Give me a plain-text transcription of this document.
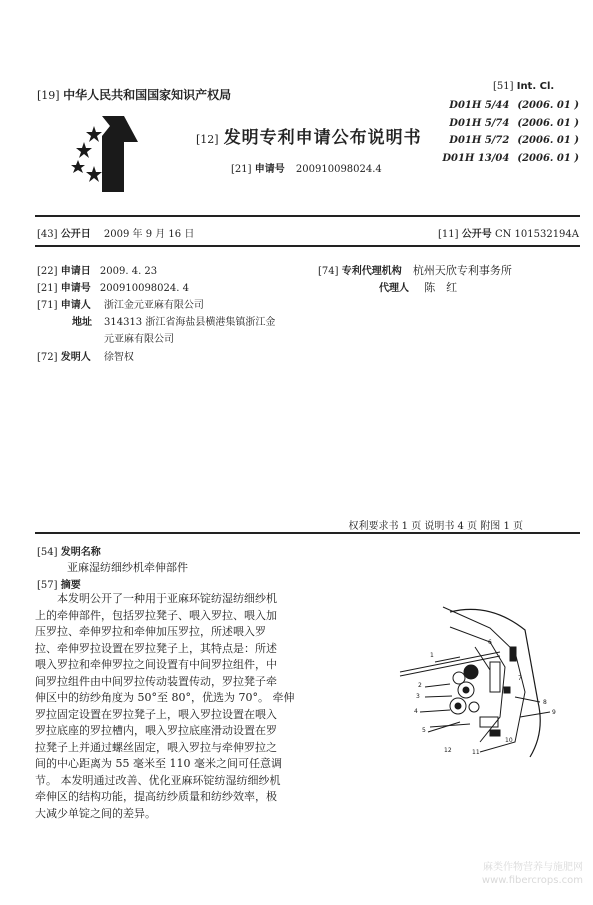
[19] 中华人民共和国国家知识产权局
[12] 发明专利申请公布说明书
[21] 申请号 200910098024.4
[51] Int. Cl.
D01H 5/44 (2006. 01 )
D01H 5/74 (2006. 01 )
D01H 5/72 (2006. 01 )
D01H 13/04 (2006. 01 )
[43] 公开日 2009 年 9 月 16 日	[11] 公开号 CN 101532194A
[22] 申请日 2009. 4. 23
[21] 申请号 200910098024. 4
[71] 申请人 浙江金元亚麻有限公司
地址 314313 浙江省海盐县横港集镇浙江金
元亚麻有限公司
[72] 发明人 徐智权
[74] 专利代理机构 杭州天欣专利事务所
代理人 陈　红
权利要求书 1 页 说明书 4 页 附图 1 页
[54] 发明名称
亚麻湿纺细纱机牵伸部件
[57] 摘要
　　本发明公开了一种用于亚麻环锭纺湿纺细纱机
上的牵伸部件，包括罗拉凳子、喂入罗拉、喂入加
压罗拉、牵伸罗拉和牵伸加压罗拉，所述喂入罗
拉、牵伸罗拉设置在罗拉凳子上，其特点是：所述
喂入罗拉和牵伸罗拉之间设置有中间罗拉组件，中
间罗拉组件由中间罗拉传动装置传动，罗拉凳子牵
伸区中的纺纱角度为 50°至 80°，优选为 70°。 牵伸
罗拉固定设置在罗拉凳子上，喂入罗拉设置在喂入
罗拉底座的罗拉槽内，喂入罗拉底座滑动设置在罗
拉凳子上并通过螺丝固定，喂入罗拉与牵伸罗拉之
间的中心距离为 55 毫米至 110 毫米之间可任意调
节。 本发明通过改善、优化亚麻环锭纺湿纺细纱机
牵伸区的结构功能，提高纺纱质量和纺纱效率，极
大减少单锭之间的差异。
1
2
3
4
5
6
7
8
9
10
11
12
麻类作物营养与施肥网
www.fibercrops.com
